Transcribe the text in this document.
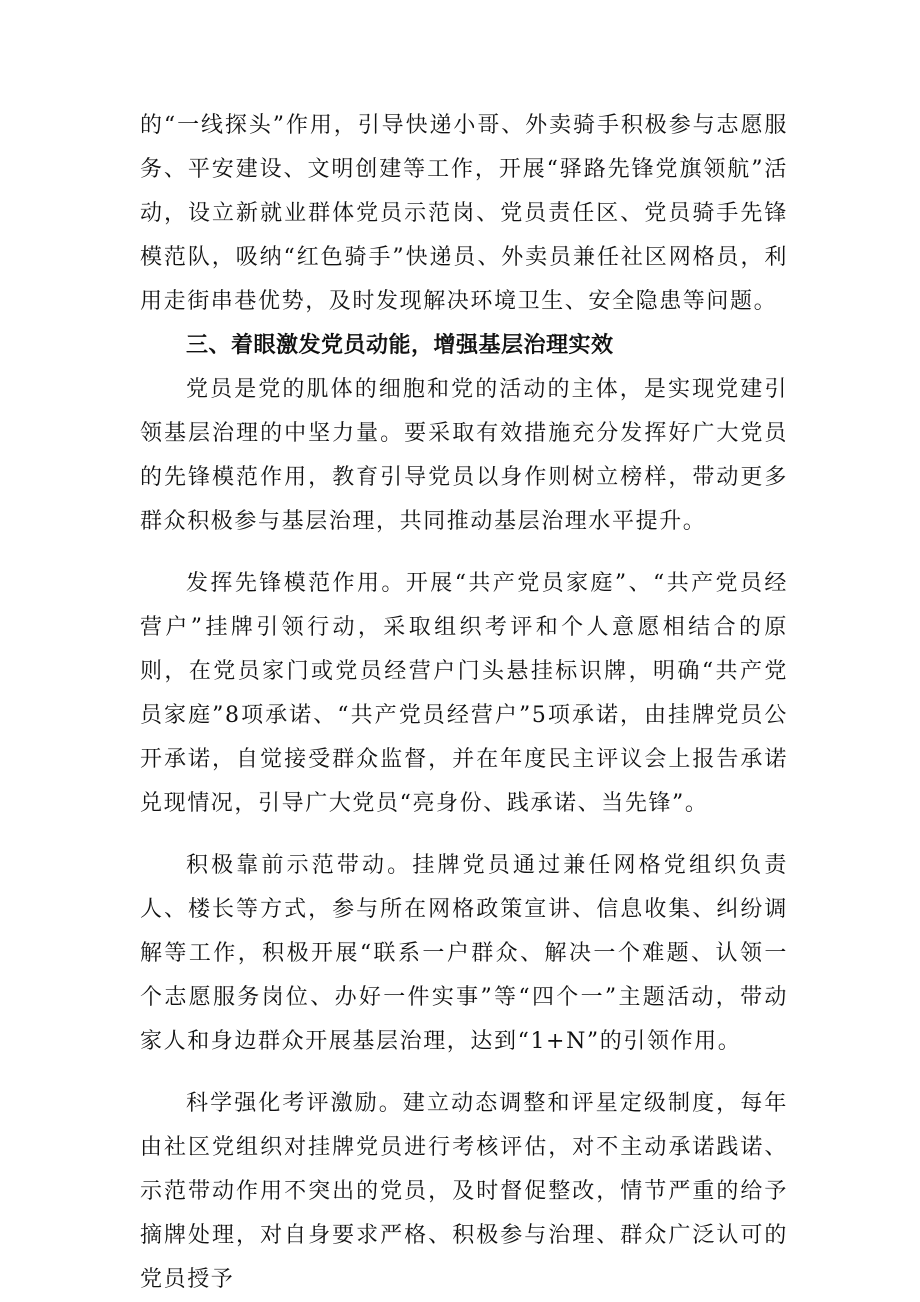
的“一线探头”作用，引导快递小哥、外卖骑手积极参与志愿服务、平安建设、文明创建等工作，开展“驿路先锋党旗领航”活动，设立新就业群体党员示范岗、党员责任区、党员骑手先锋模范队，吸纳“红色骑手”快递员、外卖员兼任社区网格员，利用走街串巷优势，及时发现解决环境卫生、安全隐患等问题。

三、着眼激发党员动能，增强基层治理实效

党员是党的肌体的细胞和党的活动的主体，是实现党建引领基层治理的中坚力量。要采取有效措施充分发挥好广大党员的先锋模范作用，教育引导党员以身作则树立榜样，带动更多群众积极参与基层治理，共同推动基层治理水平提升。

发挥先锋模范作用。开展“共产党员家庭”、“共产党员经营户”挂牌引领行动，采取组织考评和个人意愿相结合的原则，在党员家门或党员经营户门头悬挂标识牌，明确“共产党员家庭”8项承诺、“共产党员经营户”5项承诺，由挂牌党员公开承诺，自觉接受群众监督，并在年度民主评议会上报告承诺兑现情况，引导广大党员“亮身份、践承诺、当先锋”。

积极靠前示范带动。挂牌党员通过兼任网格党组织负责人、楼长等方式，参与所在网格政策宣讲、信息收集、纠纷调解等工作，积极开展“联系一户群众、解决一个难题、认领一个志愿服务岗位、办好一件实事”等“四个一”主题活动，带动家人和身边群众开展基层治理，达到“1+N”的引领作用。

科学强化考评激励。建立动态调整和评星定级制度，每年由社区党组织对挂牌党员进行考核评估，对不主动承诺践诺、示范带动作用不突出的党员，及时督促整改，情节严重的给予摘牌处理，对自身要求严格、积极参与治理、群众广泛认可的党员授予
